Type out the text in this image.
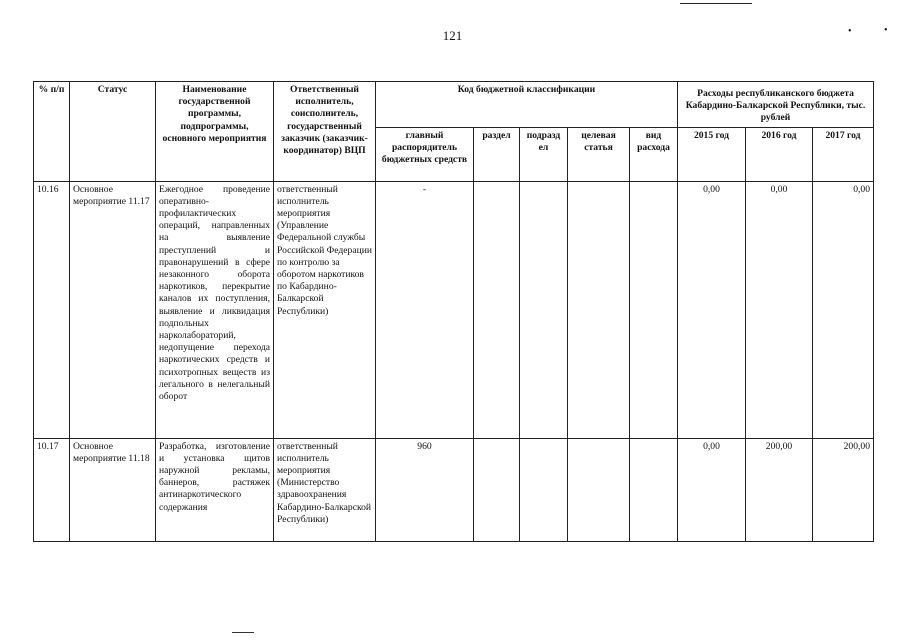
121	•	•
% п/п	Статус	Наименование государственной программы, подпрограммы, основного мероприятия	Ответственный исполнитель, соисполнитель, государственный заказчик (заказчик-координатор) ВЦП	Код бюджетной классификации					Расходы республиканского бюджета Кабардино-Балкарской Республики, тыс. рублей		
				главный распорядитель бюджетных средств	раздел	подразд ел	целевая статья	вид расхода	2015 год	2016 год	2017 год
10.16	Основное мероприятие 11.17	Ежегодное проведение оперативно-профилактических операций, направленных на выявление преступлений и правонарушений в сфере незаконного оборота наркотиков, перекрытие каналов их поступления, выявление и ликвидация подпольных нарколабораторий, недопущение перехода наркотических средств и психотропных веществ из легального в нелегальный оборот	ответственный исполнитель мероприятия (Управление Федеральной службы Российской Федерации по контролю за оборотом наркотиков по Кабардино-Балкарской Республики)	-					0,00	0,00	0,00
10.17	Основное мероприятие 11.18	Разработка, изготовление и установка щитов наружной рекламы, баннеров, растяжек антинаркотического содержания	ответственный исполнитель мероприятия (Министерство здравоохранения Кабардино-Балкарской Республики)	960					0,00	200,00	200,00
